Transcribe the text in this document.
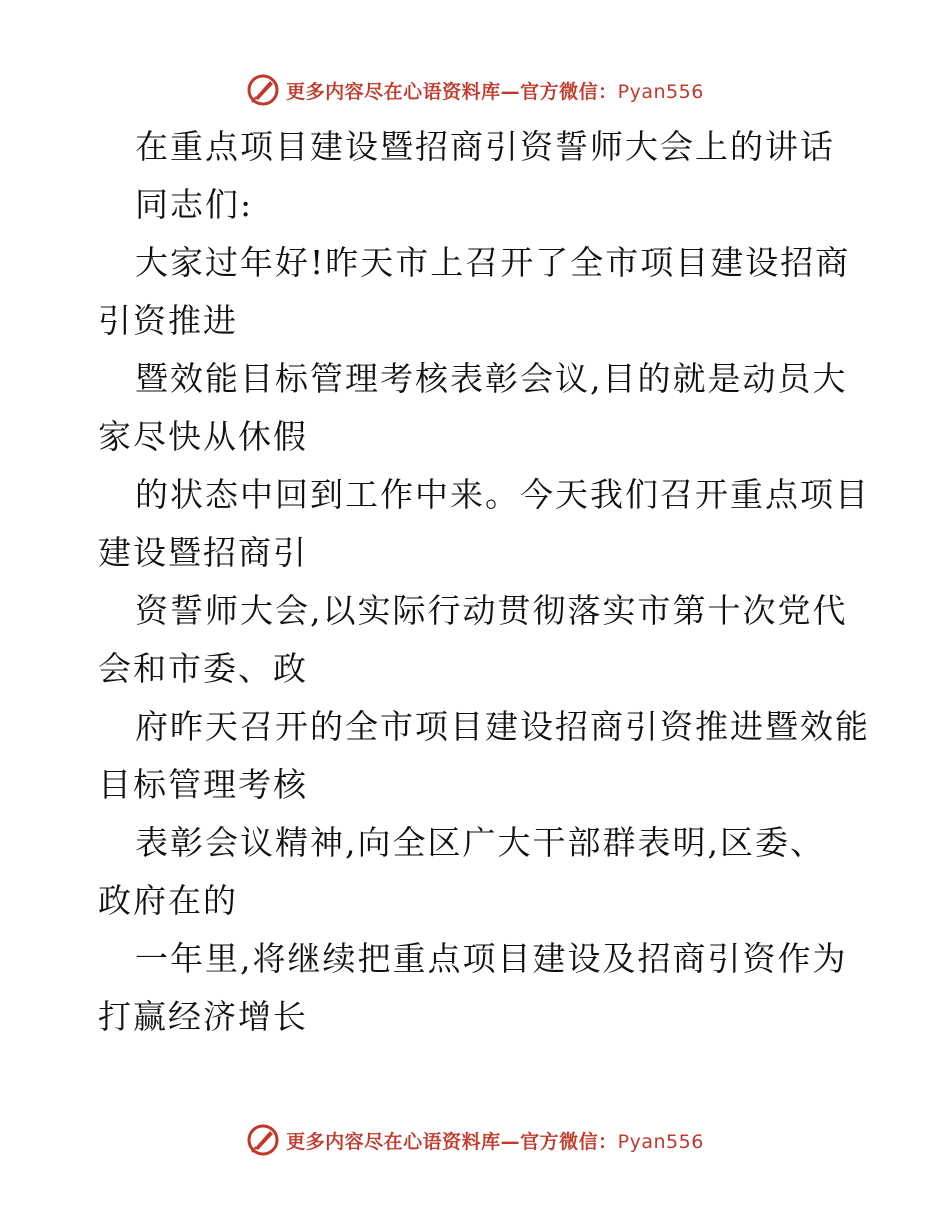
更多内容尽在心语资料库—官方微信：Pyan556
在重点项目建设暨招商引资誓师大会上的讲话
同志们:
大家过年好!昨天市上召开了全市项目建设招商
引资推进
暨效能目标管理考核表彰会议,目的就是动员大
家尽快从休假
的状态中回到工作中来。今天我们召开重点项目
建设暨招商引
资誓师大会,以实际行动贯彻落实市第十次党代
会和市委、政
府昨天召开的全市项目建设招商引资推进暨效能
目标管理考核
表彰会议精神,向全区广大干部群表明,区委、
政府在的
一年里,将继续把重点项目建设及招商引资作为
打赢经济增长
更多内容尽在心语资料库—官方微信：Pyan556
